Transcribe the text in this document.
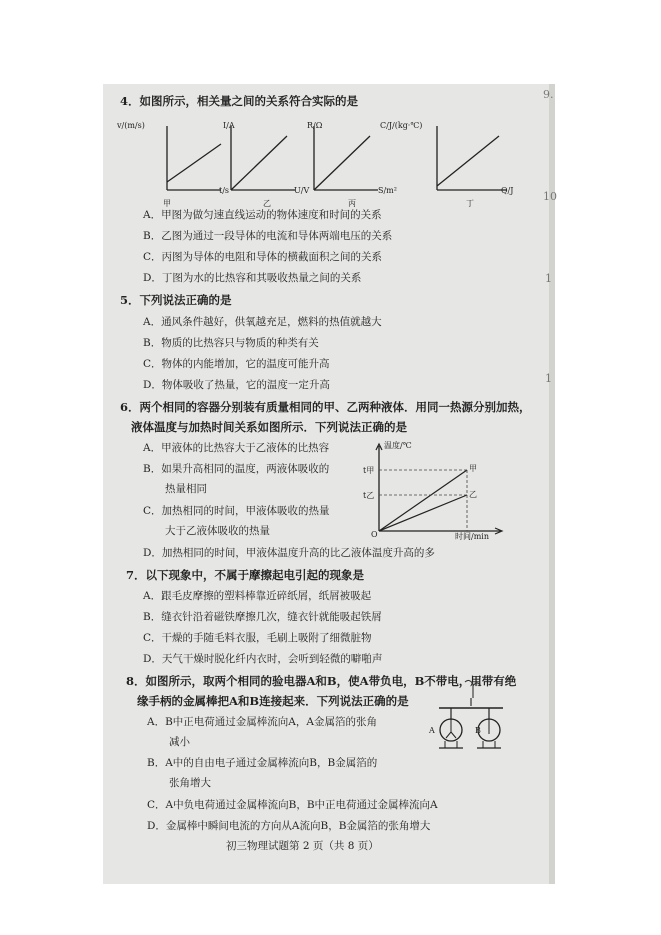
4．如图所示，相关量之间的关系符合实际的是
v/(m/s)
t/s
甲
I/A
U/V
乙
R/Ω
S/m²
丙
C/J/(kg·℃)
Q/J
丁
A．甲图为做匀速直线运动的物体速度和时间的关系
B．乙图为通过一段导体的电流和导体两端电压的关系
C．丙图为导体的电阻和导体的横截面积之间的关系
D．丁图为水的比热容和其吸收热量之间的关系
5．下列说法正确的是
A．通风条件越好，供氧越充足，燃料的热值就越大
B．物质的比热容只与物质的种类有关
C．物体的内能增加，它的温度可能升高
D．物体吸收了热量，它的温度一定升高
6．两个相同的容器分别装有质量相同的甲、乙两种液体．用同一热源分别加热，
液体温度与加热时间关系如图所示．下列说法正确的是
A．甲液体的比热容大于乙液体的比热容
B．如果升高相同的温度，两液体吸收的
热量相同
C．加热相同的时间，甲液体吸收的热量
大于乙液体吸收的热量
D．加热相同的时间，甲液体温度升高的比乙液体温度升高的多
温度/℃
t甲
t乙
O
甲
乙
时间/min
7．以下现象中，不属于摩擦起电引起的现象是
A．跟毛皮摩擦的塑料棒靠近碎纸屑，纸屑被吸起
B．缝衣针沿着磁铁摩擦几次，缝衣针就能吸起铁屑
C．干燥的手随毛料衣服，毛刷上吸附了细微脏物
D．天气干燥时脱化纤内衣时，会听到轻微的噼啪声
8．如图所示，取两个相同的验电器A和B，使A带负电，B不带电，用带有绝
缘手柄的金属棒把A和B连接起来．下列说法正确的是
A．B中正电荷通过金属棒流向A，A金属箔的张角
减小
B．A中的自由电子通过金属棒流向B，B金属箔的
张角增大
C．A中负电荷通过金属棒流向B，B中正电荷通过金属棒流向A
D．金属棒中瞬间电流的方向从A流向B，B金属箔的张角增大
A	B
9.
10
1
1
初三物理试题第 2 页（共 8 页）
